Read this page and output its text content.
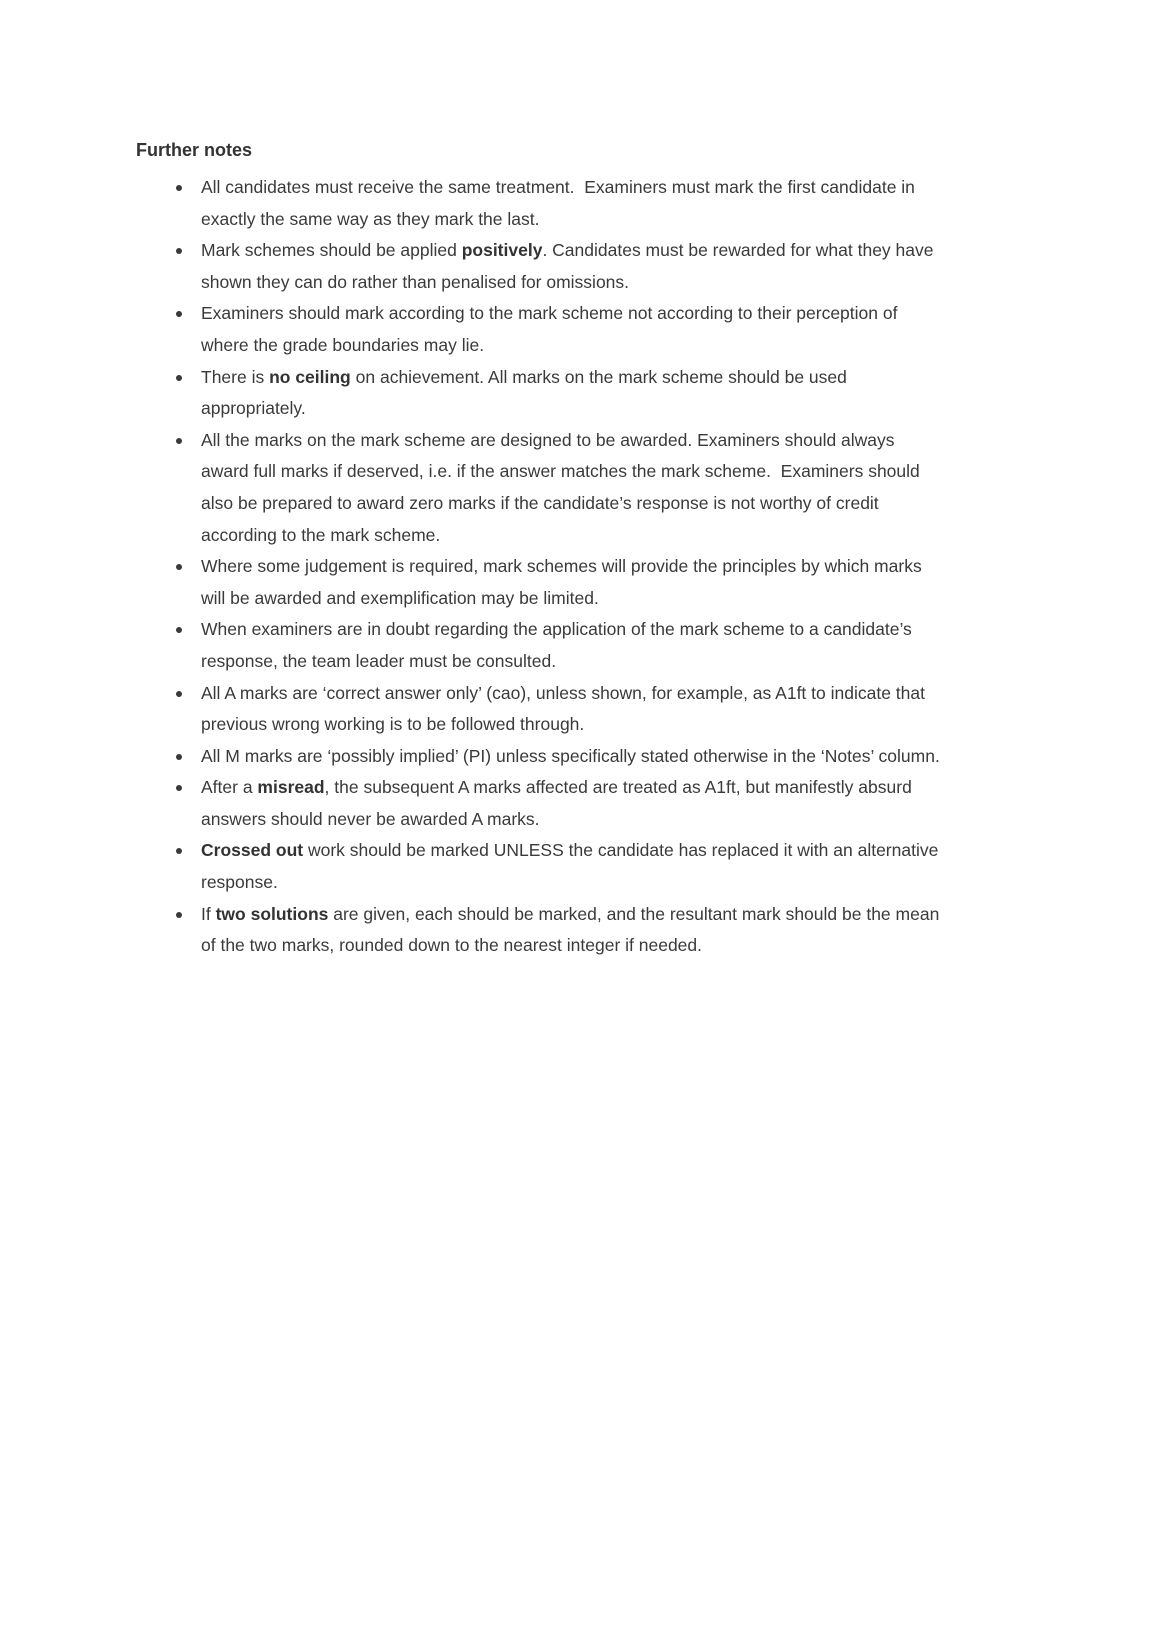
Further notes

All candidates must receive the same treatment.  Examiners must mark the first candidate in exactly the same way as they mark the last.
Mark schemes should be applied positively. Candidates must be rewarded for what they have shown they can do rather than penalised for omissions.
Examiners should mark according to the mark scheme not according to their perception of where the grade boundaries may lie.
There is no ceiling on achievement. All marks on the mark scheme should be used appropriately.
All the marks on the mark scheme are designed to be awarded. Examiners should always award full marks if deserved, i.e. if the answer matches the mark scheme.  Examiners should also be prepared to award zero marks if the candidate’s response is not worthy of credit according to the mark scheme.
Where some judgement is required, mark schemes will provide the principles by which marks will be awarded and exemplification may be limited.
When examiners are in doubt regarding the application of the mark scheme to a candidate’s response, the team leader must be consulted.
All A marks are ‘correct answer only’ (cao), unless shown, for example, as A1ft to indicate that previous wrong working is to be followed through.
All M marks are ‘possibly implied’ (PI) unless specifically stated otherwise in the ‘Notes’ column.
After a misread, the subsequent A marks affected are treated as A1ft, but manifestly absurd answers should never be awarded A marks.
Crossed out work should be marked UNLESS the candidate has replaced it with an alternative response.
If two solutions are given, each should be marked, and the resultant mark should be the mean of the two marks, rounded down to the nearest integer if needed.
